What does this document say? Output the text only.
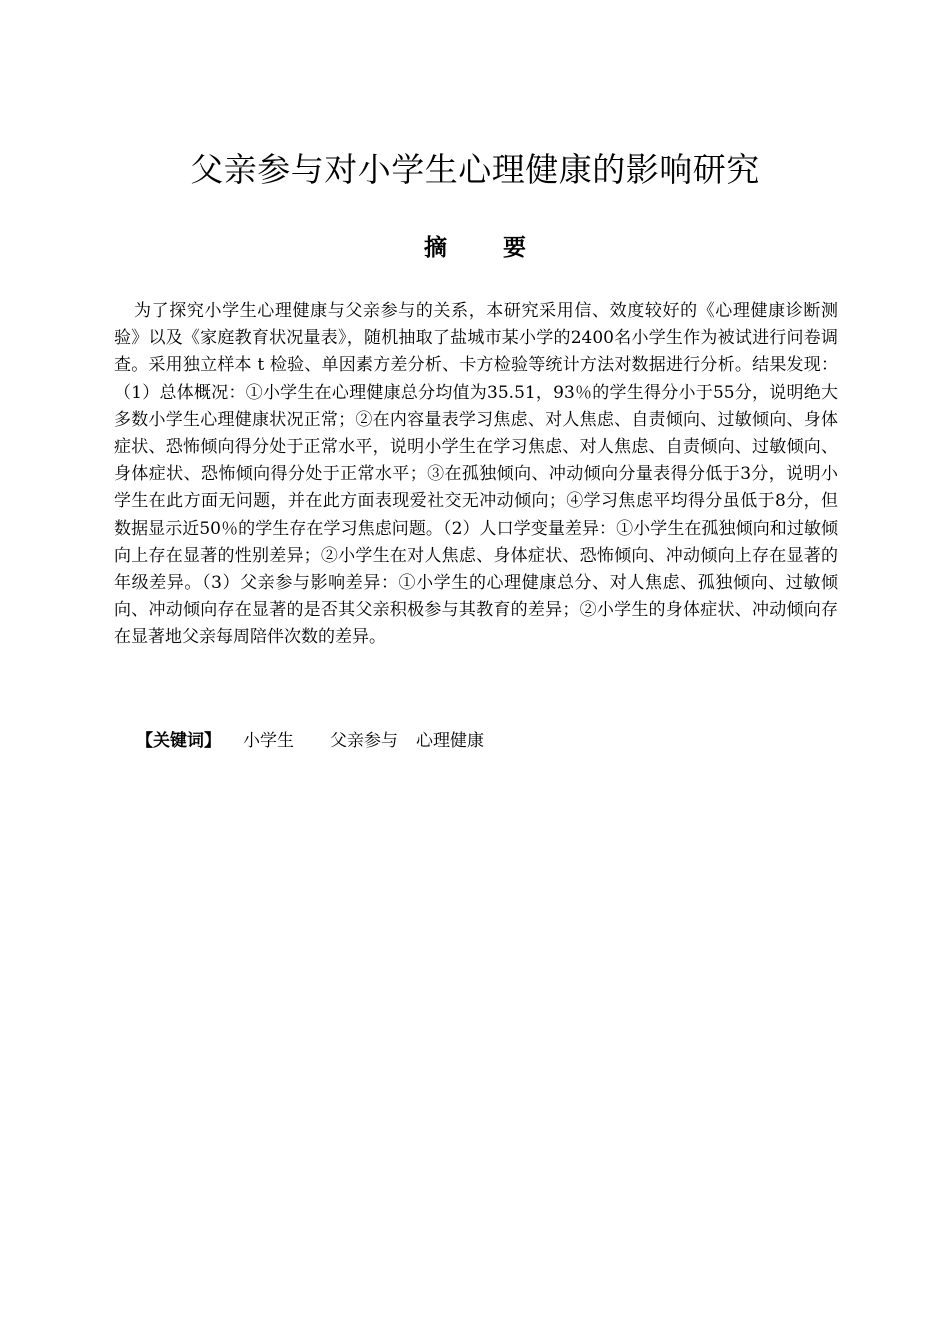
父亲参与对小学生心理健康的影响研究
摘 要

为了探究小学生心理健康与父亲参与的关系，本研究采用信、效度较好的《心理健康诊断测验》以及《家庭教育状况量表》，随机抽取了盐城市某小学的2400名小学生作为被试进行问卷调查。采用独立样本 t 检验、单因素方差分析、卡方检验等统计方法对数据进行分析。结果发现：（1）总体概况：①小学生在心理健康总分均值为35.51，93％的学生得分小于55分，说明绝大多数小学生心理健康状况正常；②在内容量表学习焦虑、对人焦虑、自责倾向、过敏倾向、身体症状、恐怖倾向得分处于正常水平，说明小学生在学习焦虑、对人焦虑、自责倾向、过敏倾向、身体症状、恐怖倾向得分处于正常水平；③在孤独倾向、冲动倾向分量表得分低于3分，说明小学生在此方面无问题，并在此方面表现爱社交无冲动倾向；④学习焦虑平均得分虽低于8分，但数据显示近50％的学生存在学习焦虑问题。（2）人口学变量差异：①小学生在孤独倾向和过敏倾向上存在显著的性别差异；②小学生在对人焦虑、身体症状、恐怖倾向、冲动倾向上存在显著的年级差异。（3）父亲参与影响差异：①小学生的心理健康总分、对人焦虑、孤独倾向、过敏倾向、冲动倾向存在显著的是否其父亲积极参与其教育的差异；②小学生的身体症状、冲动倾向存在显著地父亲每周陪伴次数的差异。

【关键词】 小学生 父亲参与 心理健康
